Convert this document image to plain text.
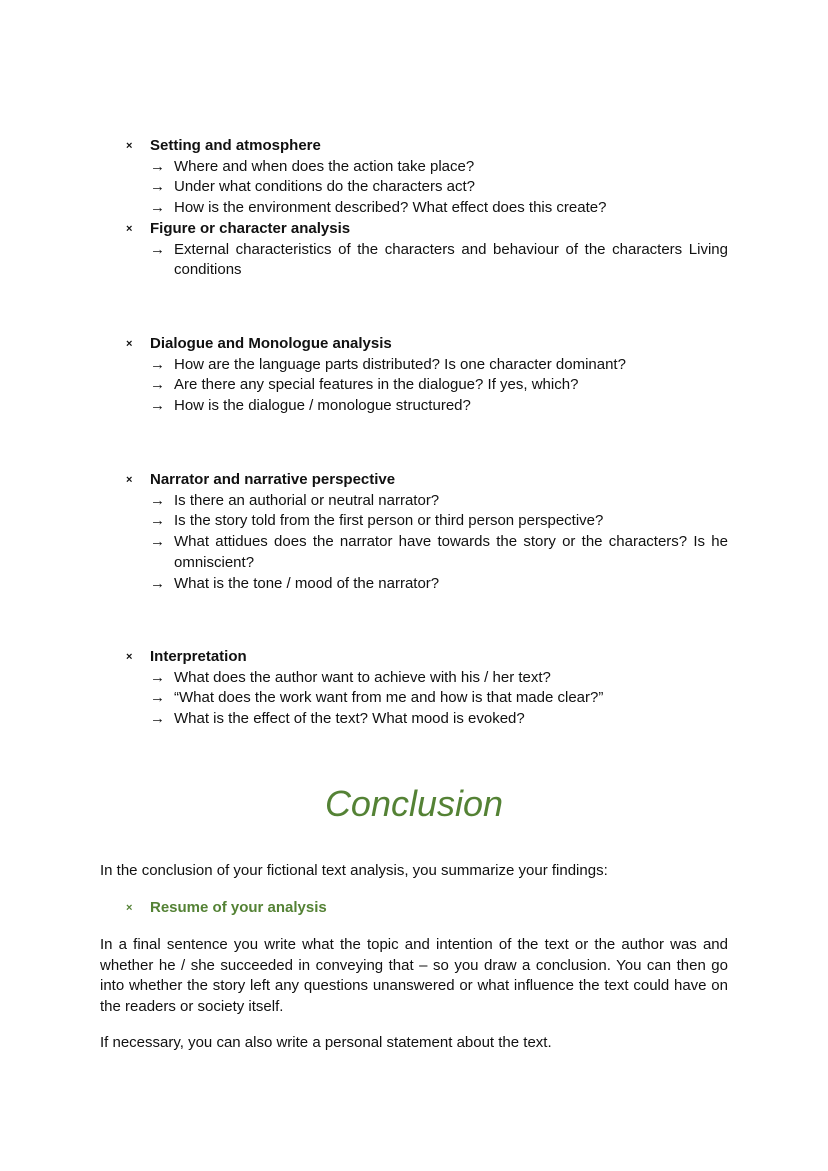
×	Setting and atmosphere
→ Where and when does the action take place?
→ Under what conditions do the characters act?
→ How is the environment described? What effect does this create?
×	Figure or character analysis
→ External characteristics of the characters and behaviour of the characters Living conditions
×	Dialogue and Monologue analysis
→ How are the language parts distributed? Is one character dominant?
→ Are there any special features in the dialogue? If yes, which?
→ How is the dialogue / monologue structured?
×	Narrator and narrative perspective
→ Is there an authorial or neutral narrator?
→ Is the story told from the first person or third person perspective?
→ What attidues does the narrator have towards the story or the characters? Is he omniscient?
→ What is the tone / mood of the narrator?
×	Interpretation
→ What does the author want to achieve with his / her text?
→ “What does the work want from me and how is that made clear?”
→ What is the effect of the text? What mood is evoked?
Conclusion
In the conclusion of your fictional text analysis, you summarize your findings:
×	Resume of your analysis
In a final sentence you write what the topic and intention of the text or the author was and whether he / she succeeded in conveying that – so you draw a conclusion. You can then go into whether the story left any questions unanswered or what influence the text could have on the readers or society itself.
If necessary, you can also write a personal statement about the text.
